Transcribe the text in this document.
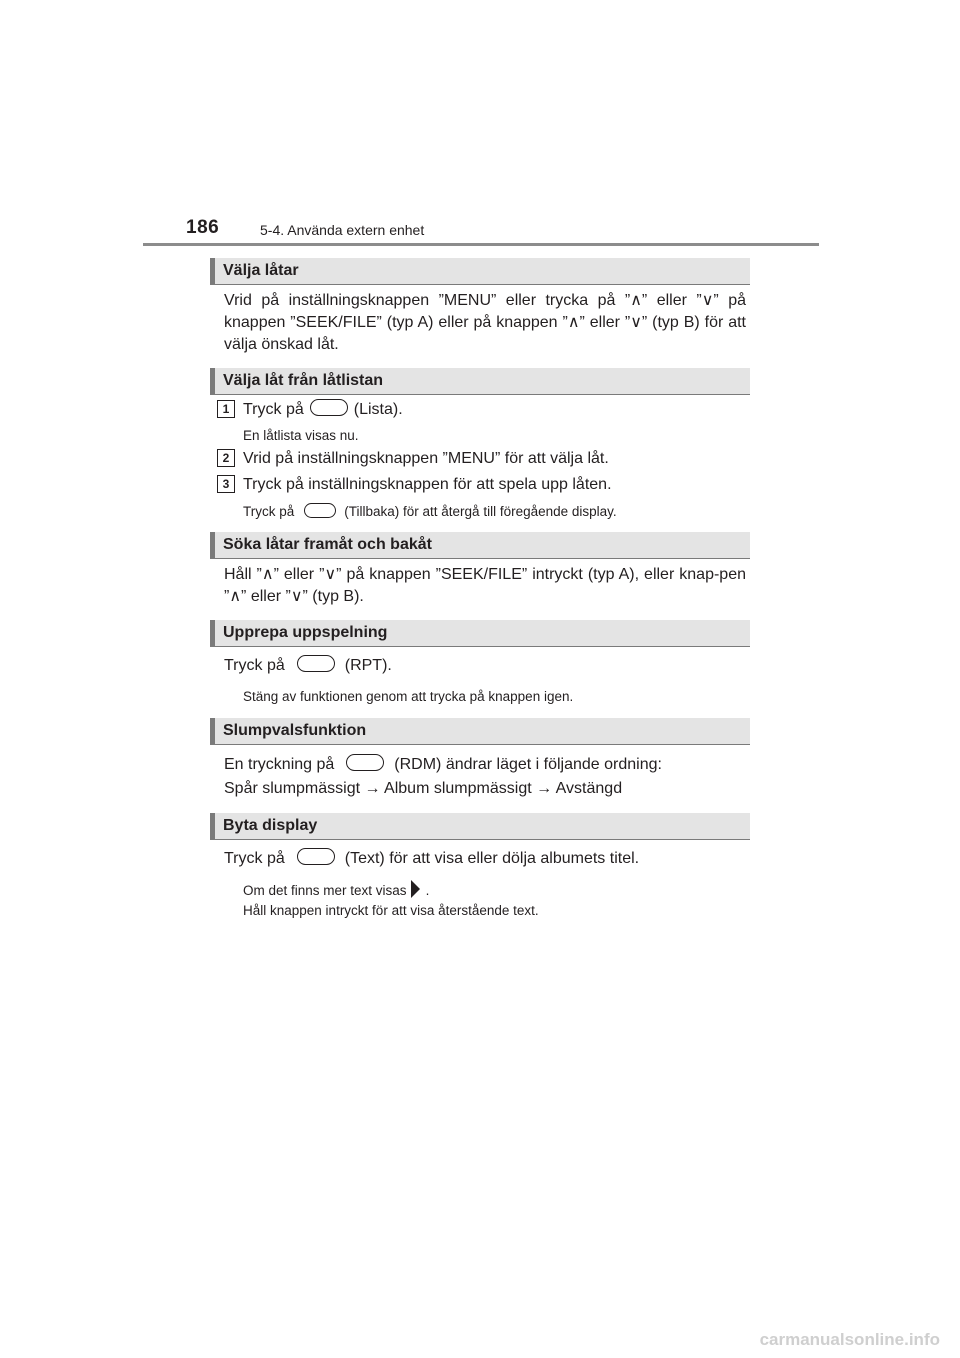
186	5-4. Använda extern enhet
Välja låtar
Vrid på inställningsknappen ”MENU” eller trycka på ”∧” eller ”∨” på knappen ”SEEK/FILE” (typ A) eller på knappen ”∧” eller ”∨” (typ B) för att välja önskad låt.
Välja låt från låtlistan
1 Tryck på	(Lista).
En låtlista visas nu.
2 Vrid på inställningsknappen ”MENU” för att välja låt.
3 Tryck på inställningsknappen för att spela upp låten.
Tryck på	(Tillbaka) för att återgå till föregående display.
Söka låtar framåt och bakåt
Håll ”∧” eller ”∨” på knappen ”SEEK/FILE” intryckt (typ A), eller knap-pen ”∧” eller ”∨” (typ B).
Upprepa uppspelning
Tryck på	(RPT).
Stäng av funktionen genom att trycka på knappen igen.
Slumpvalsfunktion
En tryckning på	(RDM) ändrar läget i följande ordning:
Spår slumpmässigt → Album slumpmässigt → Avstängd
Byta display
Tryck på	(Text) för att visa eller dölja albumets titel.
Om det finns mer text visas .
Håll knappen intryckt för att visa återstående text.
carmanualsonline.info
